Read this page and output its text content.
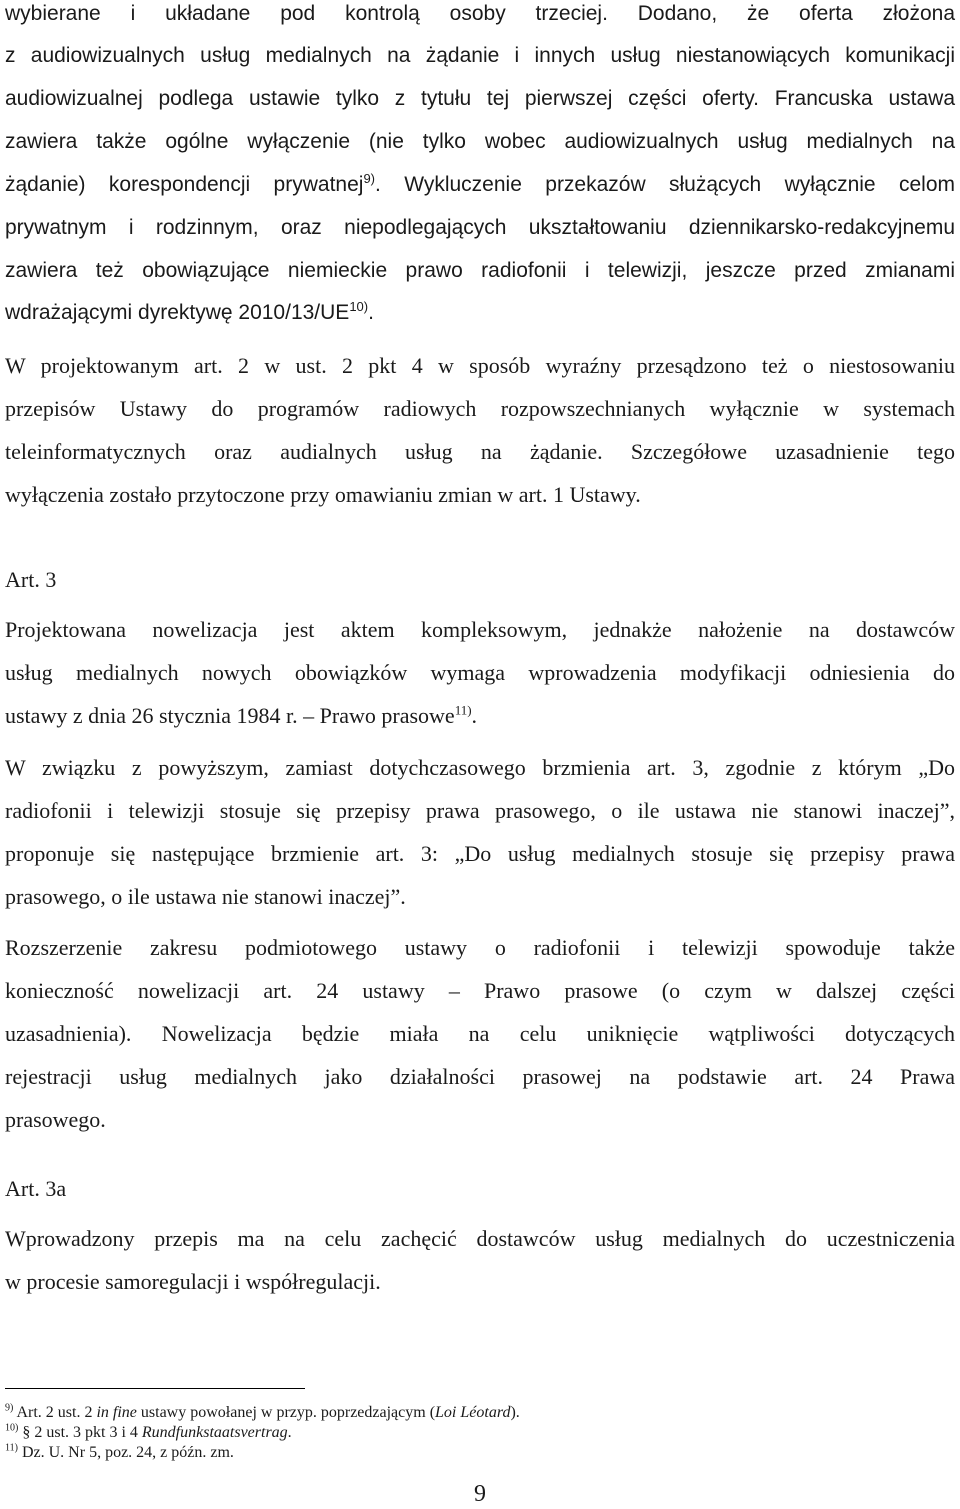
wybierane i układane pod kontrolą osoby trzeciej. Dodano, że oferta złożona
z audiowizualnych usług medialnych na żądanie i innych usług niestanowiących komunikacji
audiowizualnej podlega ustawie tylko z tytułu tej pierwszej części oferty. Francuska ustawa
zawiera także ogólne wyłączenie (nie tylko wobec audiowizualnych usług medialnych na
żądanie) korespondencji prywatnej$^{9)}$. Wykluczenie przekazów służących wyłącznie celom
prywatnym i rodzinnym, oraz niepodlegających ukształtowaniu dziennikarsko-redakcyjnemu
zawiera też obowiązujące niemieckie prawo radiofonii i telewizji, jeszcze przed zmianami
wdrażającymi dyrektywę 2010/13/UE$^{10)}$.
W projektowanym art. 2 w ust. 2 pkt 4 w sposób wyraźny przesądzono też o niestosowaniu
przepisów Ustawy do programów radiowych rozpowszechnianych wyłącznie w systemach
teleinformatycznych oraz audialnych usług na żądanie. Szczegółowe uzasadnienie tego
wyłączenia zostało przytoczone przy omawianiu zmian w art. 1 Ustawy.
Art. 3
Projektowana nowelizacja jest aktem kompleksowym, jednakże nałożenie na dostawców
usług medialnych nowych obowiązków wymaga wprowadzenia modyfikacji odniesienia do
ustawy z dnia 26 stycznia 1984 r. – Prawo prasowe$^{11)}$.
W związku z powyższym, zamiast dotychczasowego brzmienia art. 3, zgodnie z którym „Do
radiofonii i telewizji stosuje się przepisy prawa prasowego, o ile ustawa nie stanowi inaczej”,
proponuje się następujące brzmienie art. 3: „Do usług medialnych stosuje się przepisy prawa
prasowego, o ile ustawa nie stanowi inaczej”.
Rozszerzenie zakresu podmiotowego ustawy o radiofonii i telewizji spowoduje także
konieczność nowelizacji art. 24 ustawy – Prawo prasowe (o czym w dalszej części
uzasadnienia). Nowelizacja będzie miała na celu uniknięcie wątpliwości dotyczących
rejestracji usług medialnych jako działalności prasowej na podstawie art. 24 Prawa
prasowego.
Art. 3a
Wprowadzony przepis ma na celu zachęcić dostawców usług medialnych do uczestniczenia
w procesie samoregulacji i współregulacji.
$^{9)}$ Art. 2 ust. 2 in fine ustawy powołanej w przyp. poprzedzającym (Loi Léotard).
$^{10)}$ § 2 ust. 3 pkt 3 i 4 Rundfunkstaatsvertrag.
$^{11)}$ Dz. U. Nr 5, poz. 24, z późn. zm.
9
